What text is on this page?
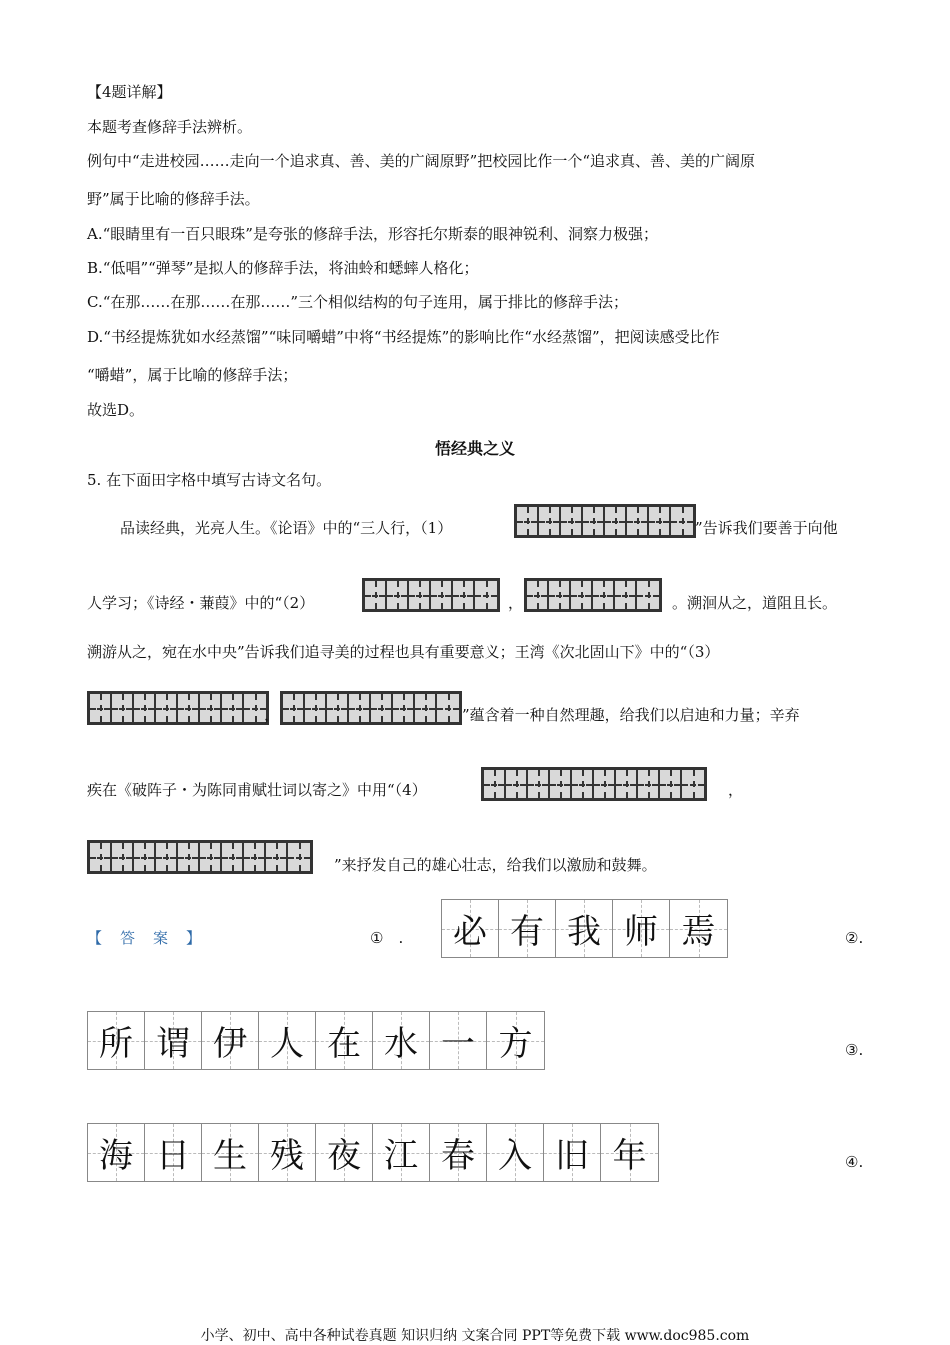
【4题详解】
本题考查修辞手法辨析。
例句中“走进校园……走向一个追求真、善、美的广阔原野”把校园比作一个“追求真、善、美的广阔原
野”属于比喻的修辞手法。
A.“眼睛里有一百只眼珠”是夸张的修辞手法，形容托尔斯泰的眼神锐利、洞察力极强；
B.“低唱”“弹琴”是拟人的修辞手法，将油蛉和蟋蟀人格化；
C.“在那……在那……在那……”三个相似结构的句子连用，属于排比的修辞手法；
D.“书经提炼犹如水经蒸馏”“味同嚼蜡”中将“书经提炼”的影响比作“水经蒸馏”，把阅读感受比作
“嚼蜡”，属于比喻的修辞手法；
故选D。
悟经典之义
5. 在下面田字格中填写古诗文名句。
品读经典，光亮人生。《论语》中的“三人行，（1）	”告诉我们要善于向他
人学习；《诗经・蒹葭》中的“（2）	，	。溯洄从之，道阻且长。
溯游从之，宛在水中央”告诉我们追寻美的过程也具有重要意义；王湾《次北固山下》中的“（3）
，	”蕴含着一种自然理趣，给我们以启迪和力量；辛弃
疾在《破阵子・为陈同甫赋壮词以寄之》中用“（4）	，
”来抒发自己的雄心壮志，给我们以激励和鼓舞。
【答案】	①　. 必 有 我 师 焉	②.
所 谓 伊 人 在 水 一 方	③.
海 日 生 残 夜 江 春 入 旧 年	④.
小学、初中、高中各种试卷真题 知识归纳 文案合同 PPT等免费下载 www.doc985.com
